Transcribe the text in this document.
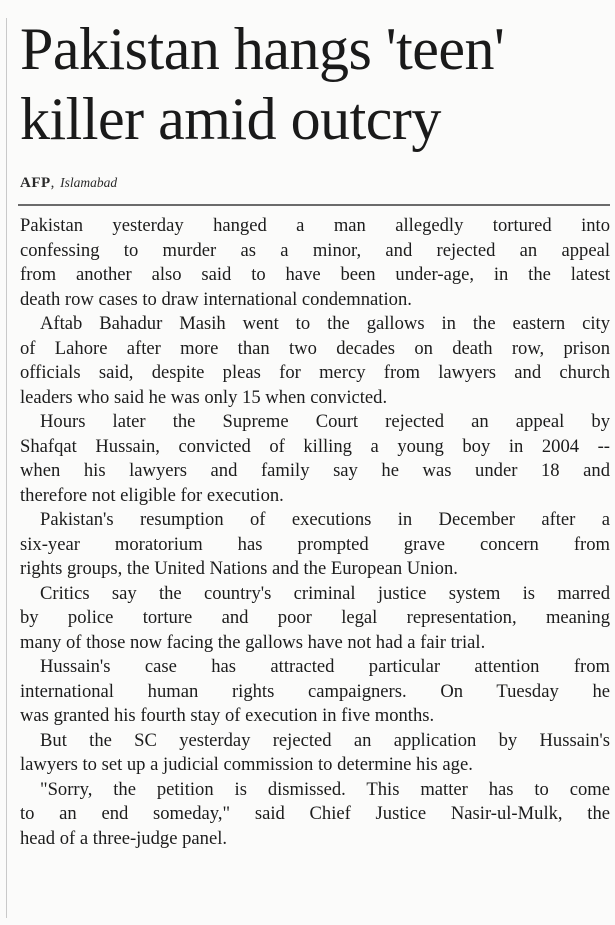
Pakistan hangs 'teen'
killer amid outcry
AFP, Islamabad

Pakistan yesterday hanged a man allegedly tortured into
confessing to murder as a minor, and rejected an appeal
from another also said to have been under-age, in the latest
death row cases to draw international condemnation.

Aftab Bahadur Masih went to the gallows in the eastern city
of Lahore after more than two decades on death row, prison
officials said, despite pleas for mercy from lawyers and church
leaders who said he was only 15 when convicted.

Hours later the Supreme Court rejected an appeal by
Shafqat Hussain, convicted of killing a young boy in 2004 --
when his lawyers and family say he was under 18 and
therefore not eligible for execution.

Pakistan's resumption of executions in December after a
six-year moratorium has prompted grave concern from
rights groups, the United Nations and the European Union.

Critics say the country's criminal justice system is marred
by police torture and poor legal representation, meaning
many of those now facing the gallows have not had a fair trial.

Hussain's case has attracted particular attention from
international human rights campaigners. On Tuesday he
was granted his fourth stay of execution in five months.

But the SC yesterday rejected an application by Hussain's
lawyers to set up a judicial commission to determine his age.

"Sorry, the petition is dismissed. This matter has to come
to an end someday," said Chief Justice Nasir-ul-Mulk, the
head of a three-judge panel.
